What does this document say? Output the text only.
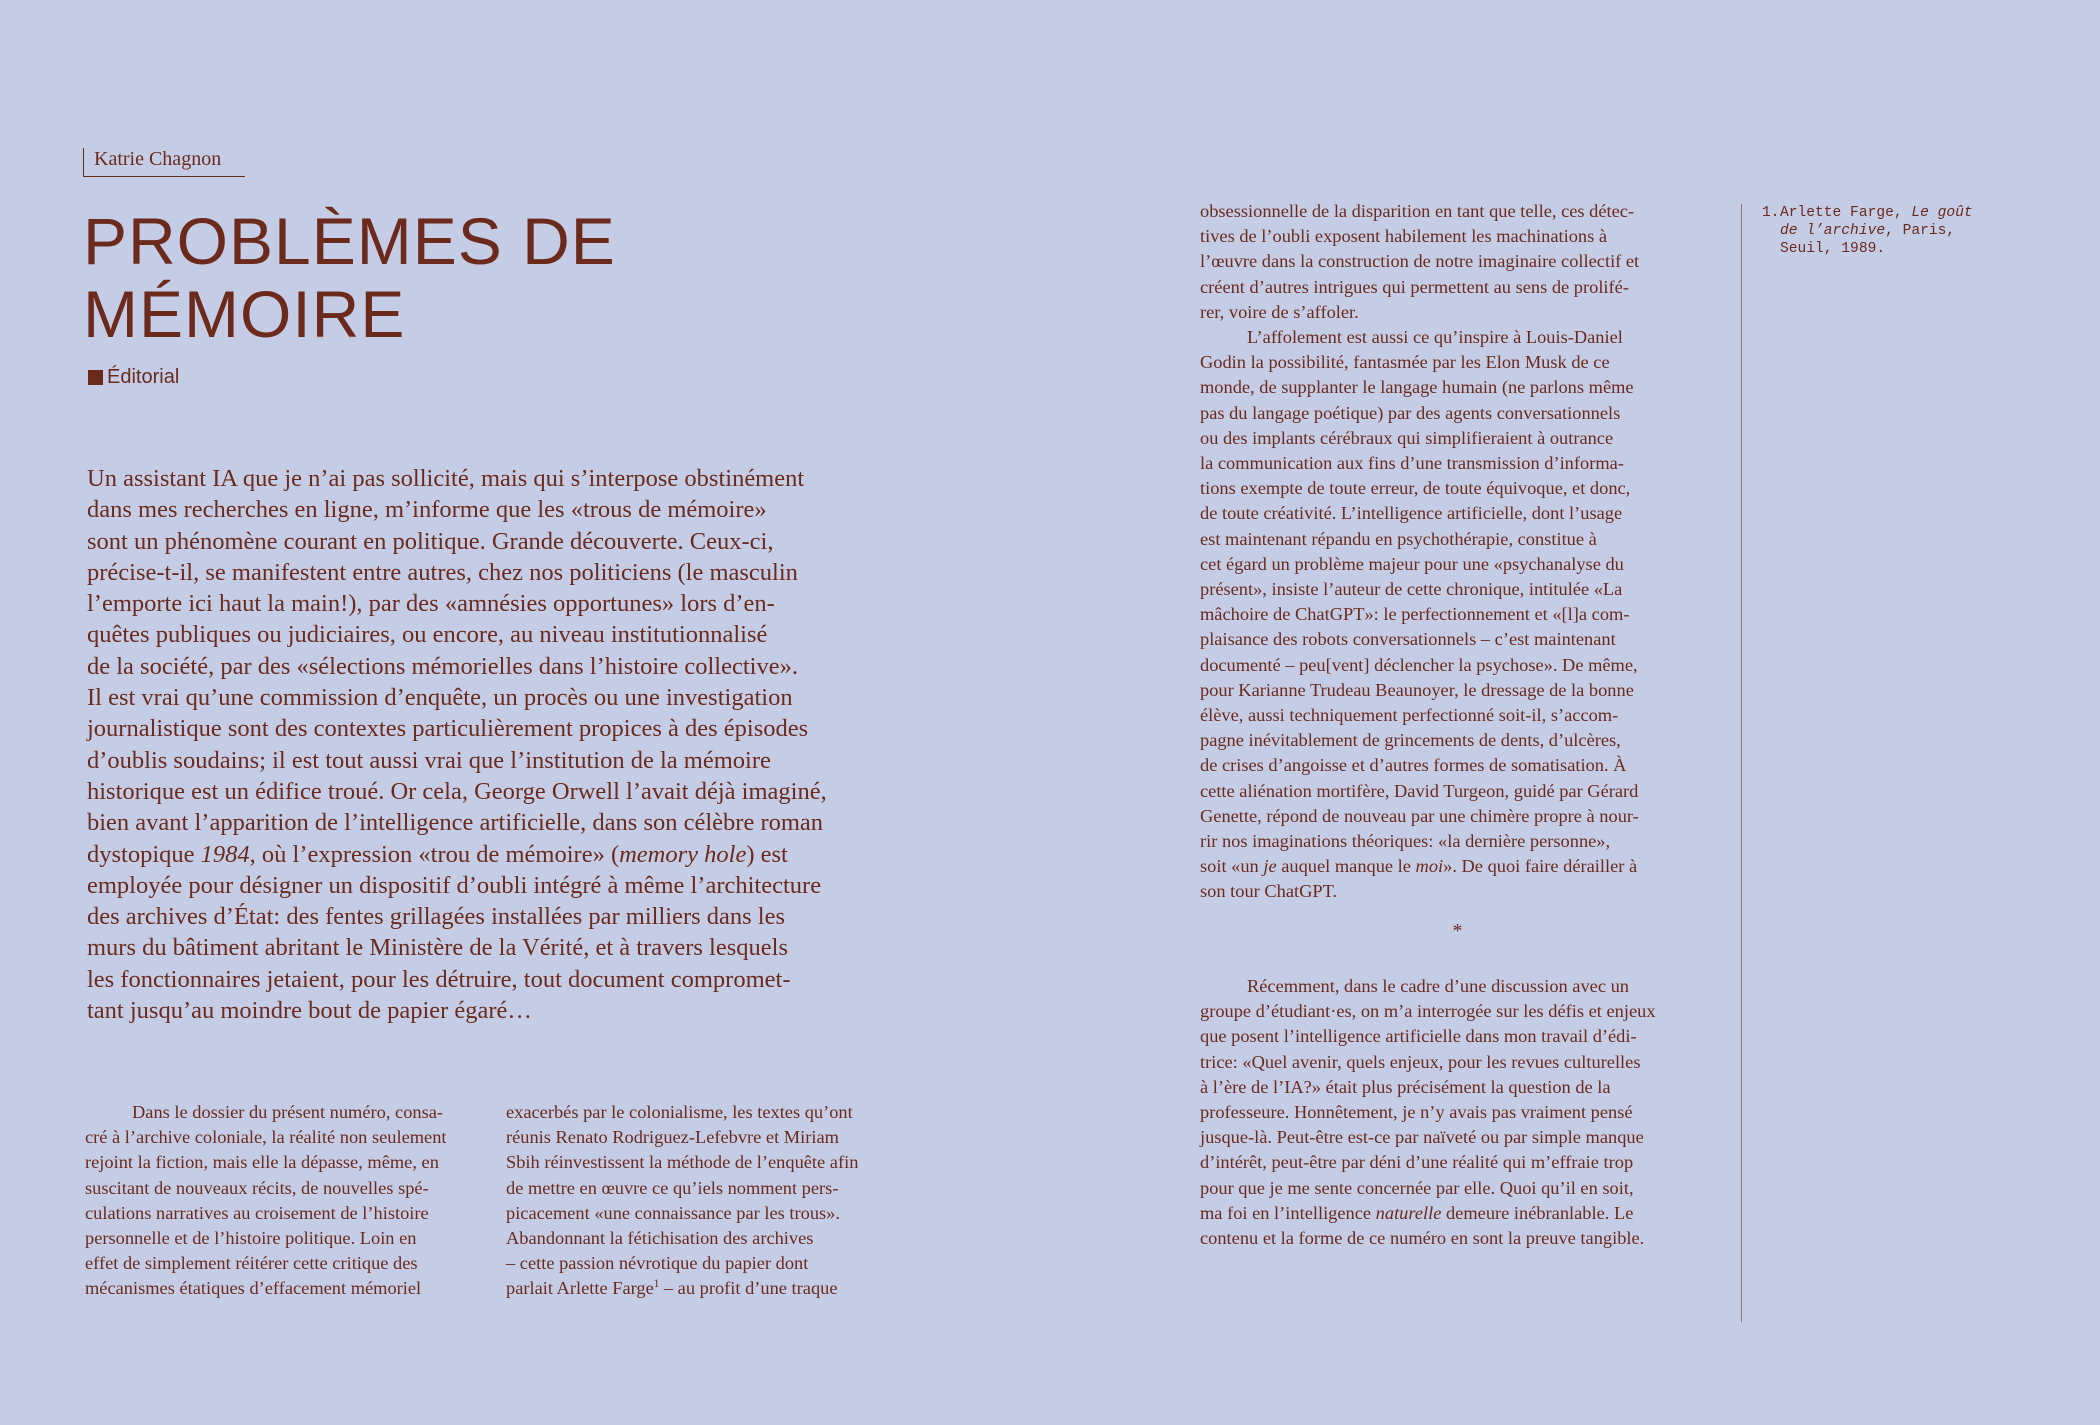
Katrie Chagnon
PROBLÈMES DE
MÉMOIRE
Éditorial

Un assistant IA que je n’ai pas sollicité, mais qui s’interpose obstinément
dans mes recherches en ligne, m’informe que les «trous de mémoire»
sont un phénomène courant en politique. Grande découverte. Ceux-ci,
précise-t-il, se manifestent entre autres, chez nos politiciens (le masculin
l’emporte ici haut la main!), par des «amnésies opportunes» lors d’en-
quêtes publiques ou judiciaires, ou encore, au niveau institutionnalisé
de la société, par des «sélections mémorielles dans l’histoire collective».
Il est vrai qu’une commission d’enquête, un procès ou une investigation
journalistique sont des contextes particulièrement propices à des épisodes
d’oublis soudains; il est tout aussi vrai que l’institution de la mémoire
historique est un édifice troué. Or cela, George Orwell l’avait déjà imaginé,
bien avant l’apparition de l’intelligence artificielle, dans son célèbre roman
dystopique 1984, où l’expression «trou de mémoire» (memory hole) est
employée pour désigner un dispositif d’oubli intégré à même l’architecture
des archives d’État: des fentes grillagées installées par milliers dans les
murs du bâtiment abritant le Ministère de la Vérité, et à travers lesquels
les fonctionnaires jetaient, pour les détruire, tout document compromet-
tant jusqu’au moindre bout de papier égaré…

Dans le dossier du présent numéro, consa-
cré à l’archive coloniale, la réalité non seulement
rejoint la fiction, mais elle la dépasse, même, en
suscitant de nouveaux récits, de nouvelles spé-
culations narratives au croisement de l’histoire
personnelle et de l’histoire politique. Loin en
effet de simplement réitérer cette critique des
mécanismes étatiques d’effacement mémoriel

exacerbés par le colonialisme, les textes qu’ont
réunis Renato Rodriguez-Lefebvre et Miriam
Sbih réinvestissent la méthode de l’enquête afin
de mettre en œuvre ce qu’iels nomment pers-
picacement «une connaissance par les trous».
Abandonnant la fétichisation des archives
– cette passion névrotique du papier dont
parlait Arlette Farge$^1$ – au profit d’une traque

obsessionnelle de la disparition en tant que telle, ces détec-
tives de l’oubli exposent habilement les machinations à
l’œuvre dans la construction de notre imaginaire collectif et
créent d’autres intrigues qui permettent au sens de prolifé-
rer, voire de s’affoler.
L’affolement est aussi ce qu’inspire à Louis-Daniel
Godin la possibilité, fantasmée par les Elon Musk de ce
monde, de supplanter le langage humain (ne parlons même
pas du langage poétique) par des agents conversationnels
ou des implants cérébraux qui simplifieraient à outrance
la communication aux fins d’une transmission d’informa-
tions exempte de toute erreur, de toute équivoque, et donc,
de toute créativité. L’intelligence artificielle, dont l’usage
est maintenant répandu en psychothérapie, constitue à
cet égard un problème majeur pour une «psychanalyse du
présent», insiste l’auteur de cette chronique, intitulée «La
mâchoire de ChatGPT»: le perfectionnement et «[l]a com-
plaisance des robots conversationnels – c’est maintenant
documenté – peu[vent] déclencher la psychose». De même,
pour Karianne Trudeau Beaunoyer, le dressage de la bonne
élève, aussi techniquement perfectionné soit-il, s’accom-
pagne inévitablement de grincements de dents, d’ulcères,
de crises d’angoisse et d’autres formes de somatisation. À
cette aliénation mortifère, David Turgeon, guidé par Gérard
Genette, répond de nouveau par une chimère propre à nour-
rir nos imaginations théoriques: «la dernière personne»,
soit «un je auquel manque le moi». De quoi faire dérailler à
son tour ChatGPT.

*

Récemment, dans le cadre d’une discussion avec un
groupe d’étudiant·es, on m’a interrogée sur les défis et enjeux
que posent l’intelligence artificielle dans mon travail d’édi-
trice: «Quel avenir, quels enjeux, pour les revues culturelles
à l’ère de l’IA?» était plus précisément la question de la
professeure. Honnêtement, je n’y avais pas vraiment pensé
jusque-là. Peut-être est-ce par naïveté ou par simple manque
d’intérêt, peut-être par déni d’une réalité qui m’effraie trop
pour que je me sente concernée par elle. Quoi qu’il en soit,
ma foi en l’intelligence naturelle demeure inébranlable. Le
contenu et la forme de ce numéro en sont la preuve tangible.

1. Arlette Farge, Le goût
de l’archive, Paris,
Seuil, 1989.
